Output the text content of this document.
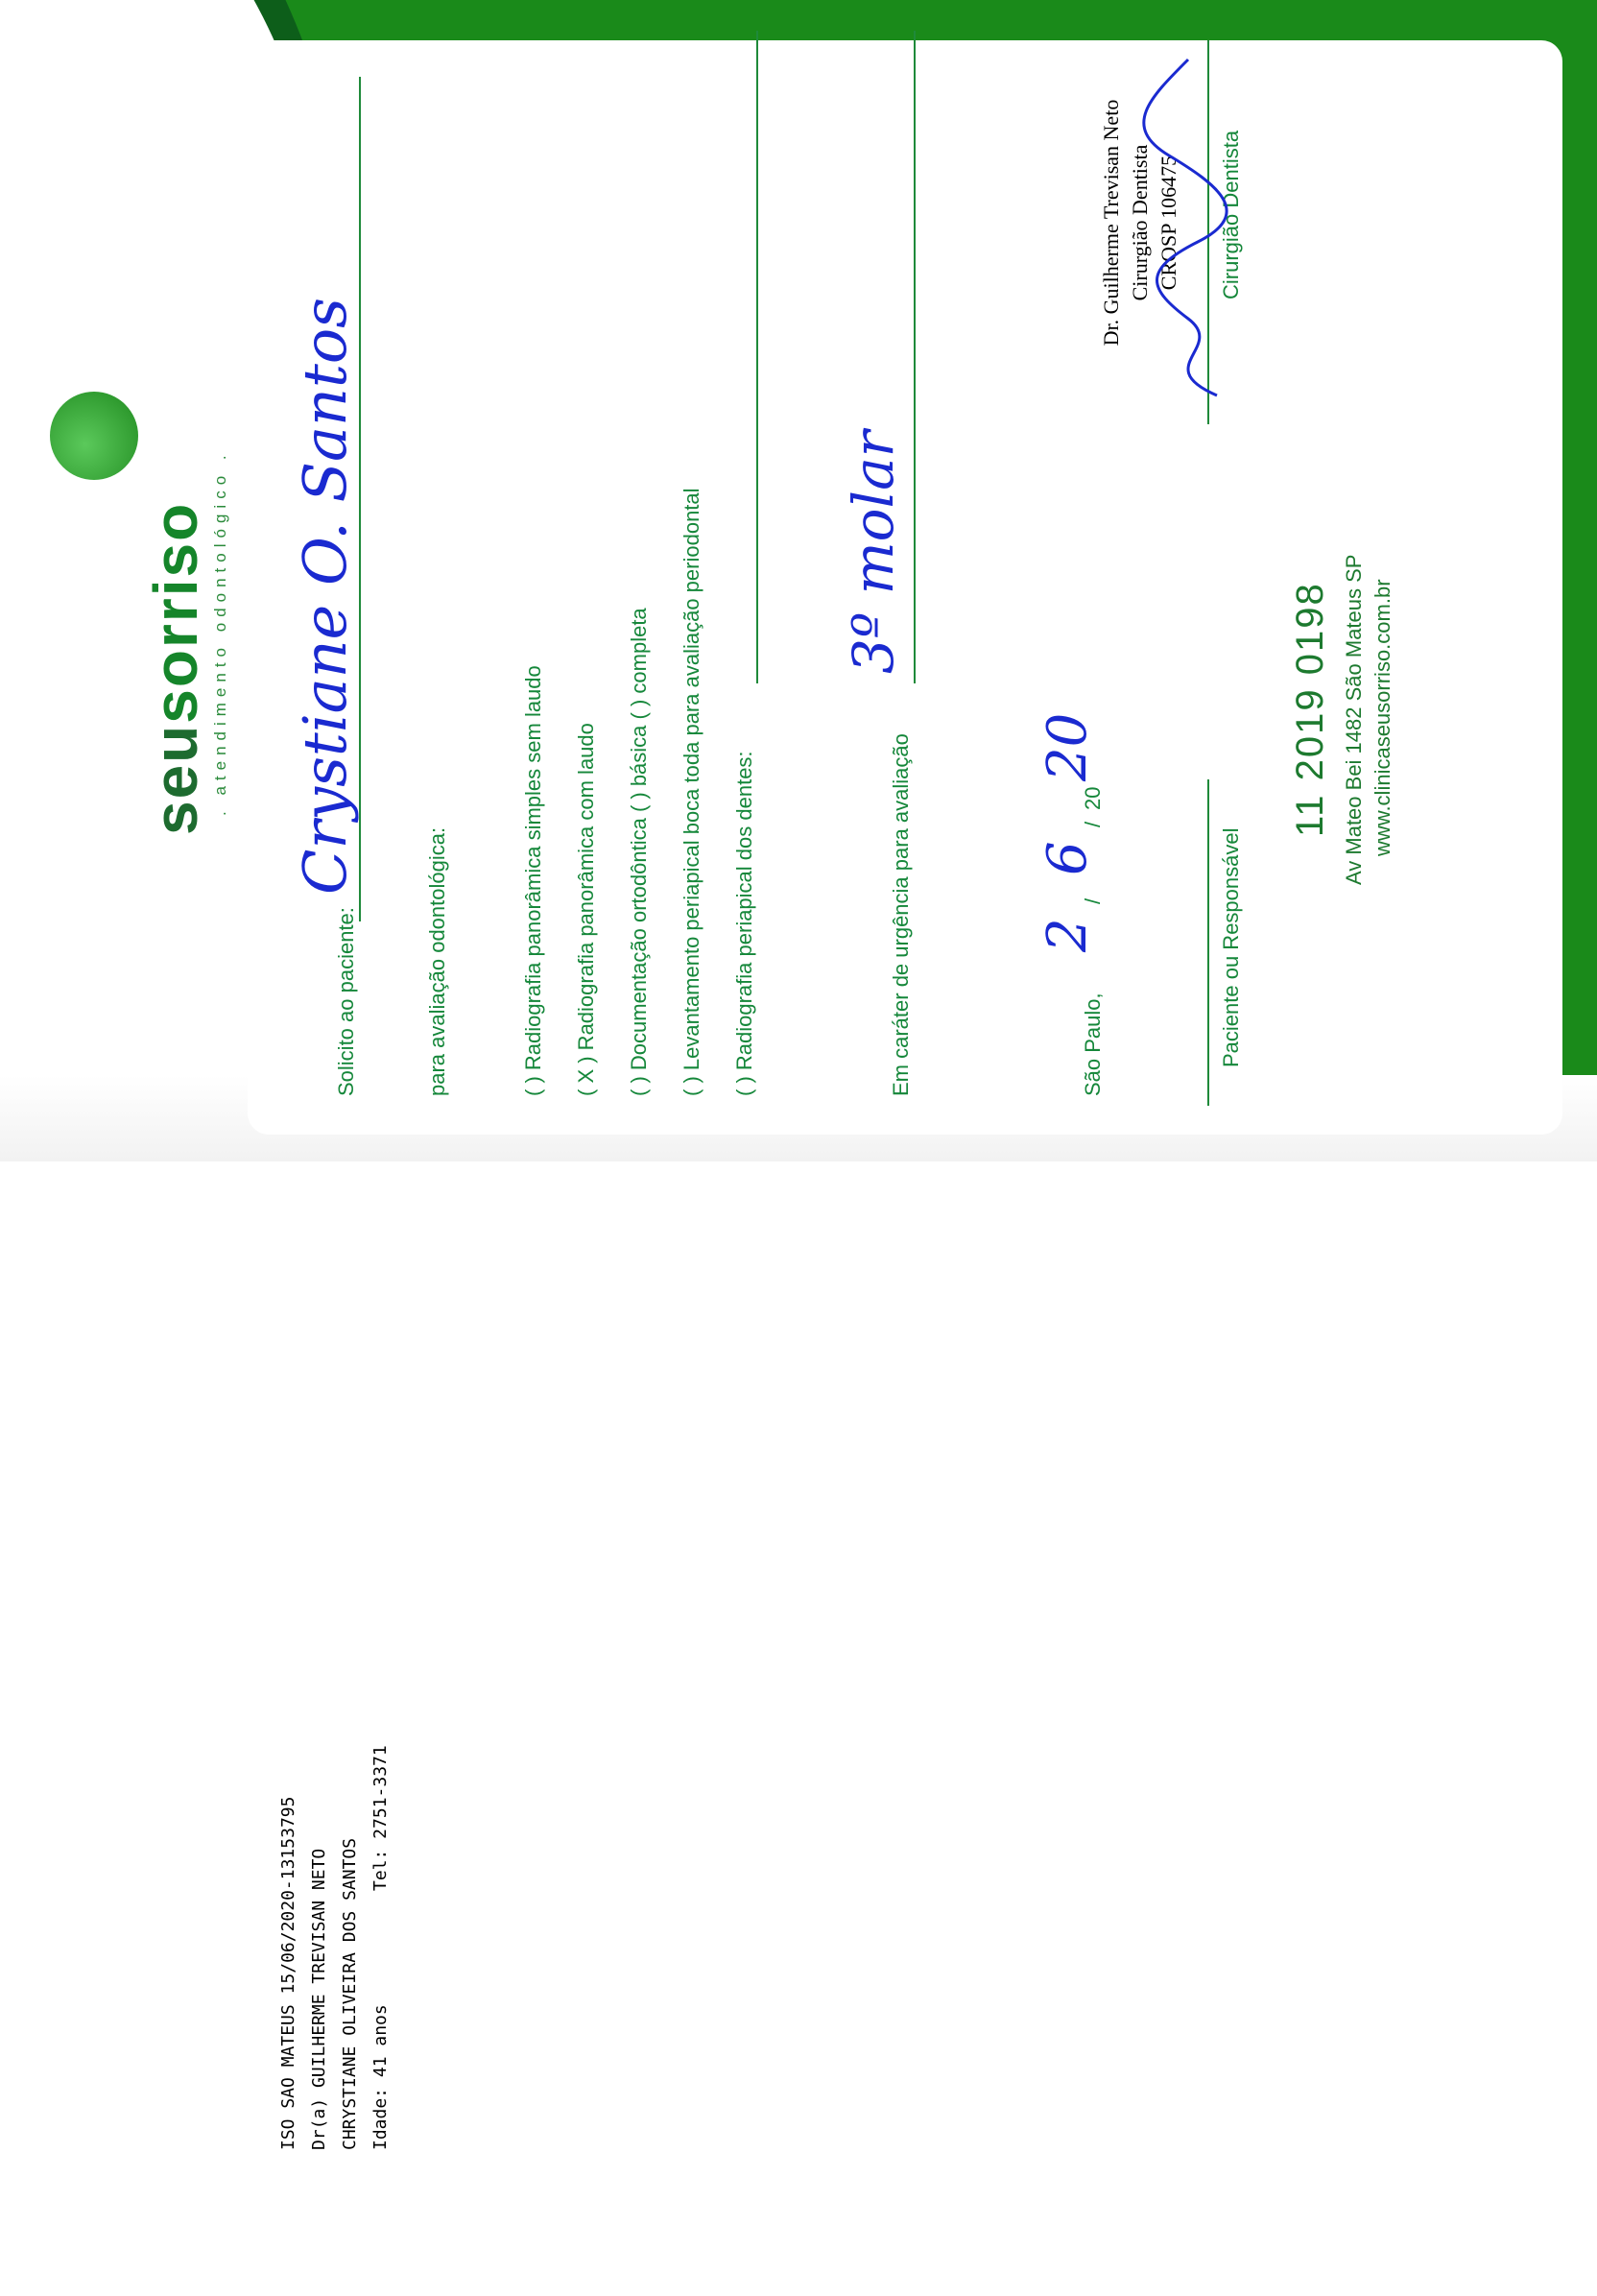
seusorriso . atendimento odontológico .
Solicito ao paciente:
Crystiane O. Santos
para avaliação odontológica:	( ) Radiografia panorâmica simples sem laudo
( X ) Radiografia panorâmica com laudo
( ) Documentação ortodôntica ( ) básica ( ) completa
( ) Levantamento periapical boca toda para avaliação periodontal
( ) Radiografia periapical dos dentes:	Em caráter de urgência para avaliação
3º molar
São Paulo,
2
/
6
/
20
20
Paciente ou Responsável
Cirurgião Dentista
Dr. Guilherme Trevisan Neto Cirurgião Dentista CROSP 106475
11 2019 0198 Av Mateo Bei 1482 São Mateus SP www.clinicaseusorriso.com.br
ISO SAO MATEUS 15/06/2020-13153795 Dr(a) GUILHERME TREVISAN NETO CHRYSTIANE OLIVEIRA DOS SANTOS Idade: 41 anos
Tel: 2751-3371
